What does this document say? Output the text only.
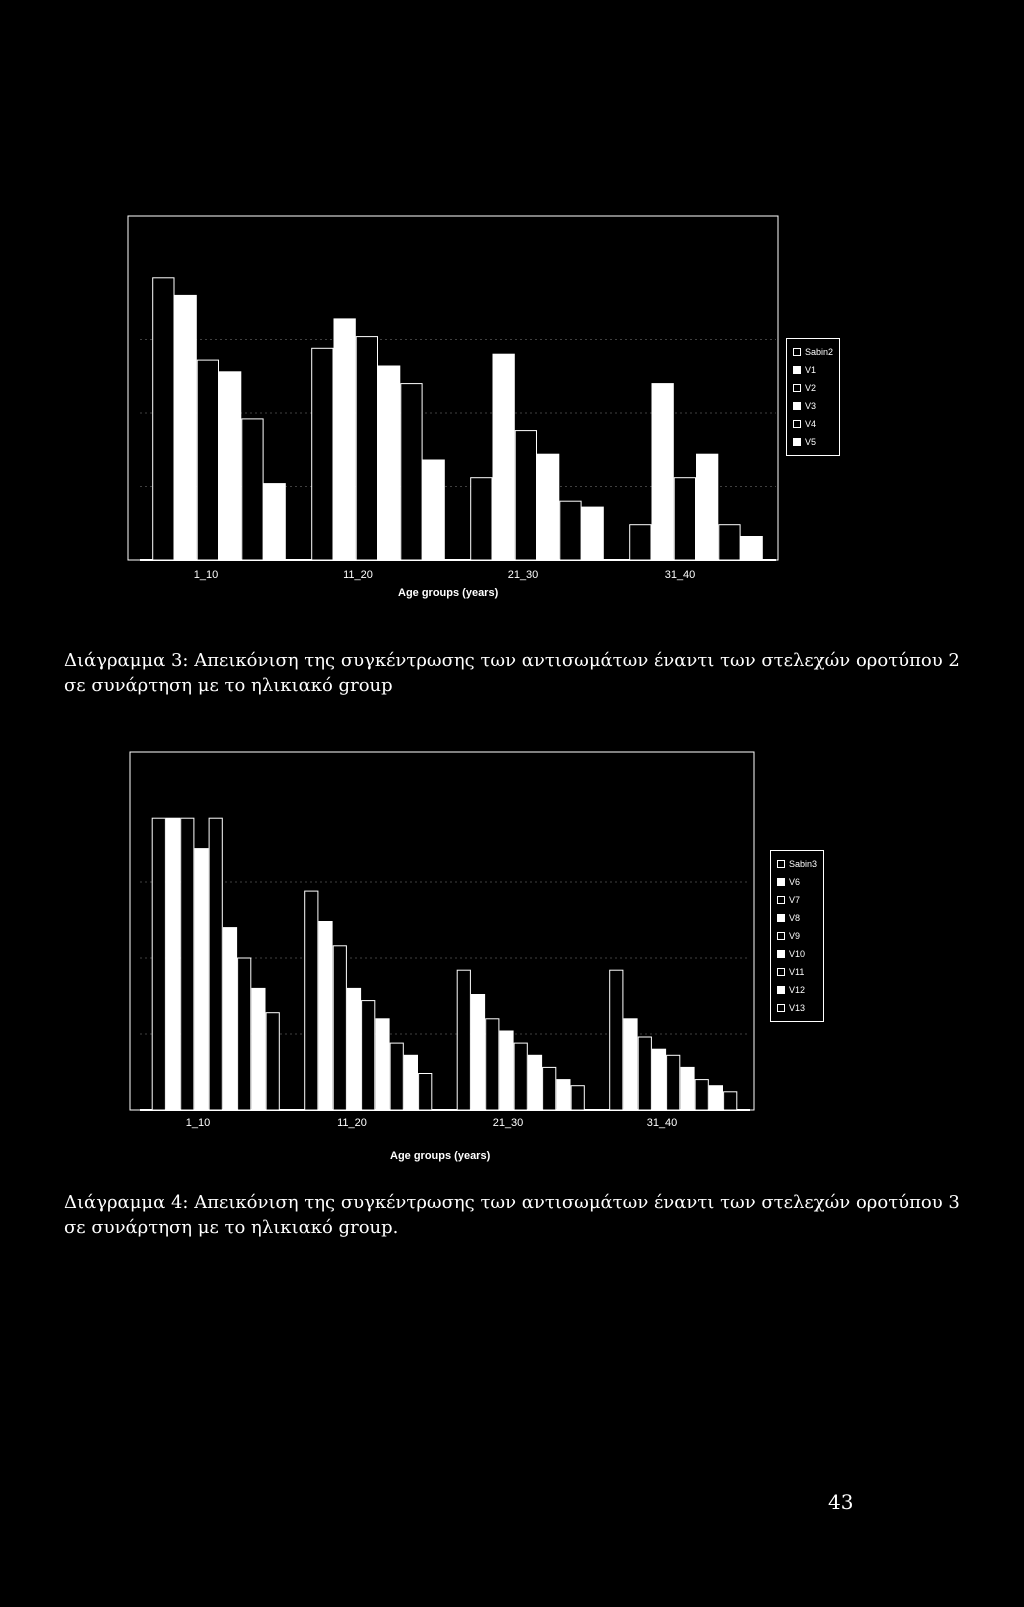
1_10	11_20	21_30	31_40
Sabin2
V1
V2
V3
V4
V5
Age groups (years)
Διάγραμμα 3: Απεικόνιση της συγκέντρωσης των αντισωμάτων έναντι των στελεχών οροτύπου 2 σε συνάρτηση με το ηλικιακό group
1_10	11_20	21_30	31_40
Sabin3
V6
V7
V8
V9
V10
V11
V12
V13
Age groups (years)
Διάγραμμα 4: Απεικόνιση της συγκέντρωσης των αντισωμάτων έναντι των στελεχών οροτύπου 3 σε συνάρτηση με το ηλικιακό group.
43
